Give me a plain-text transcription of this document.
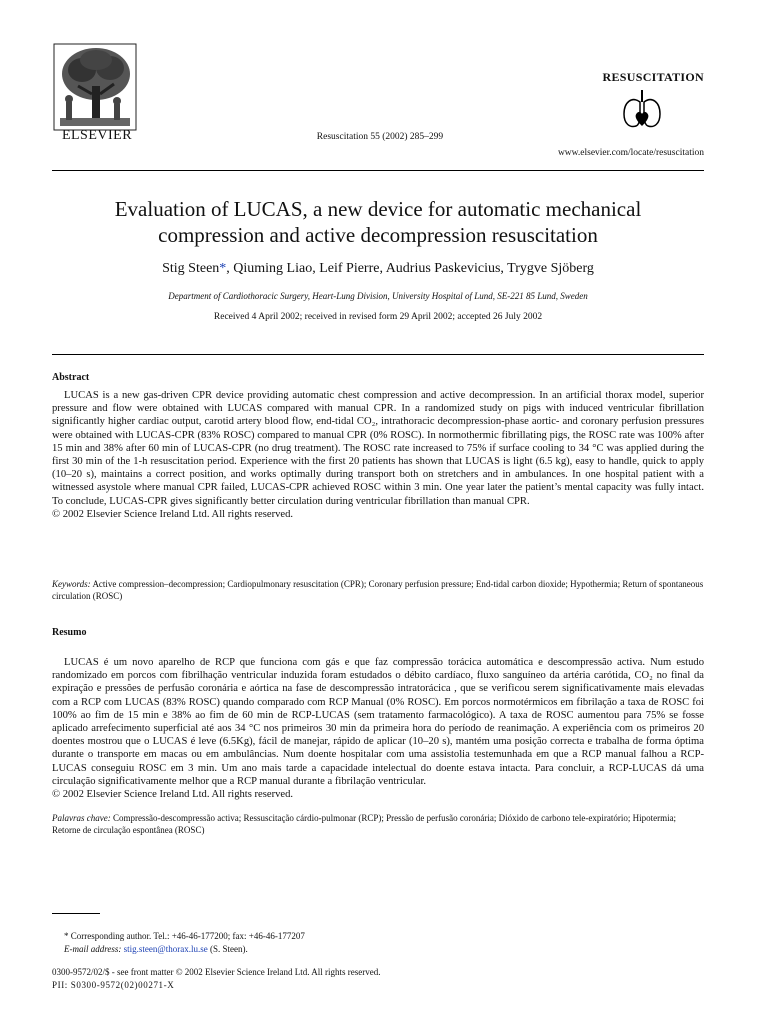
ELSEVIER	Resuscitation 55 (2002) 285–299
RESUSCITATION
www.elsevier.com/locate/resuscitation
Evaluation of LUCAS, a new device for automatic mechanical
compression and active decompression resuscitation
Stig Steen*, Qiuming Liao, Leif Pierre, Audrius Paskevicius, Trygve Sjöberg
Department of Cardiothoracic Surgery, Heart-Lung Division, University Hospital of Lund, SE-221 85 Lund, Sweden
Received 4 April 2002; received in revised form 29 April 2002; accepted 26 July 2002
Abstract
LUCAS is a new gas-driven CPR device providing automatic chest compression and active decompression. In an artificial thorax model, superior pressure and flow were obtained with LUCAS compared with manual CPR. In a randomized study on pigs with induced ventricular fibrillation significantly higher cardiac output, carotid artery blood flow, end-tidal CO₂, intrathoracic decompression-phase aortic- and coronary perfusion pressures were obtained with LUCAS-CPR (83% ROSC) compared to manual CPR (0% ROSC). In normothermic fibrillating pigs, the ROSC rate was 100% after 15 min and 38% after 60 min of LUCAS-CPR (no drug treatment). The ROSC rate increased to 75% if surface cooling to 34 °C was applied during the first 30 min of the 1-h resuscitation period. Experience with the first 20 patients has shown that LUCAS is light (6.5 kg), easy to handle, quick to apply (10–20 s), maintains a correct position, and works optimally during transport both on stretchers and in ambulances. In one hospital patient with a witnessed asystole where manual CPR failed, LUCAS-CPR achieved ROSC within 3 min. One year later the patient’s mental capacity was fully intact. To conclude, LUCAS-CPR gives significantly better circulation during ventricular fibrillation than manual CPR.
© 2002 Elsevier Science Ireland Ltd. All rights reserved.
Keywords: Active compression–decompression; Cardiopulmonary resuscitation (CPR); Coronary perfusion pressure; End-tidal carbon dioxide; Hypothermia; Return of spontaneous circulation (ROSC)
Resumo
LUCAS é um novo aparelho de RCP que funciona com gás e que faz compressão torácica automática e descompressão activa. Num estudo randomizado em porcos com fibrilhação ventricular induzida foram estudados o débito cardíaco, fluxo sanguíneo da artéria carótida, CO₂ no final da expiração e pressões de perfusão coronária e aórtica na fase de descompressão intratorácica , que se verificou serem significativamente mais elevadas com a RCP com LUCAS (83% ROSC) quando comparado com RCP Manual (0% ROSC). Em porcos normotérmicos em fibrilação a taxa de ROSC foi 100% ao fim de 15 min e 38% ao fim de 60 min de RCP-LUCAS (sem tratamento farmacológico). A taxa de ROSC aumentou para 75% se fosse aplicado arrefecimento superficial até aos 34 °C nos primeiros 30 min da primeira hora do período de reanimação. A experiência com os primeiros 20 doentes mostrou que o LUCAS é leve (6.5Kg), fácil de manejar, rápido de aplicar (10–20 s), mantém uma posição correcta e trabalha de forma óptima durante o transporte em macas ou em ambulâncias. Num doente hospitalar com uma assistolia testemunhada em que a RCP manual falhou a RCP-LUCAS conseguiu ROSC em 3 min. Um ano mais tarde a capacidade intelectual do doente estava intacta. Para concluir, a RCP-LUCAS dá uma circulação significativamente melhor que a RCP manual durante a fibrilação ventricular.
© 2002 Elsevier Science Ireland Ltd. All rights reserved.
Palavras chave: Compressão-descompressão activa; Ressuscitação cárdio-pulmonar (RCP); Pressão de perfusão coronária; Dióxido de carbono tele-expiratório; Hipotermia; Retorne de circulação espontânea (ROSC)
* Corresponding author. Tel.: +46-46-177200; fax: +46-46-177207
E-mail address: stig.steen@thorax.lu.se (S. Steen).
0300-9572/02/$ - see front matter © 2002 Elsevier Science Ireland Ltd. All rights reserved.
PII: S0300-9572(02)00271-X
